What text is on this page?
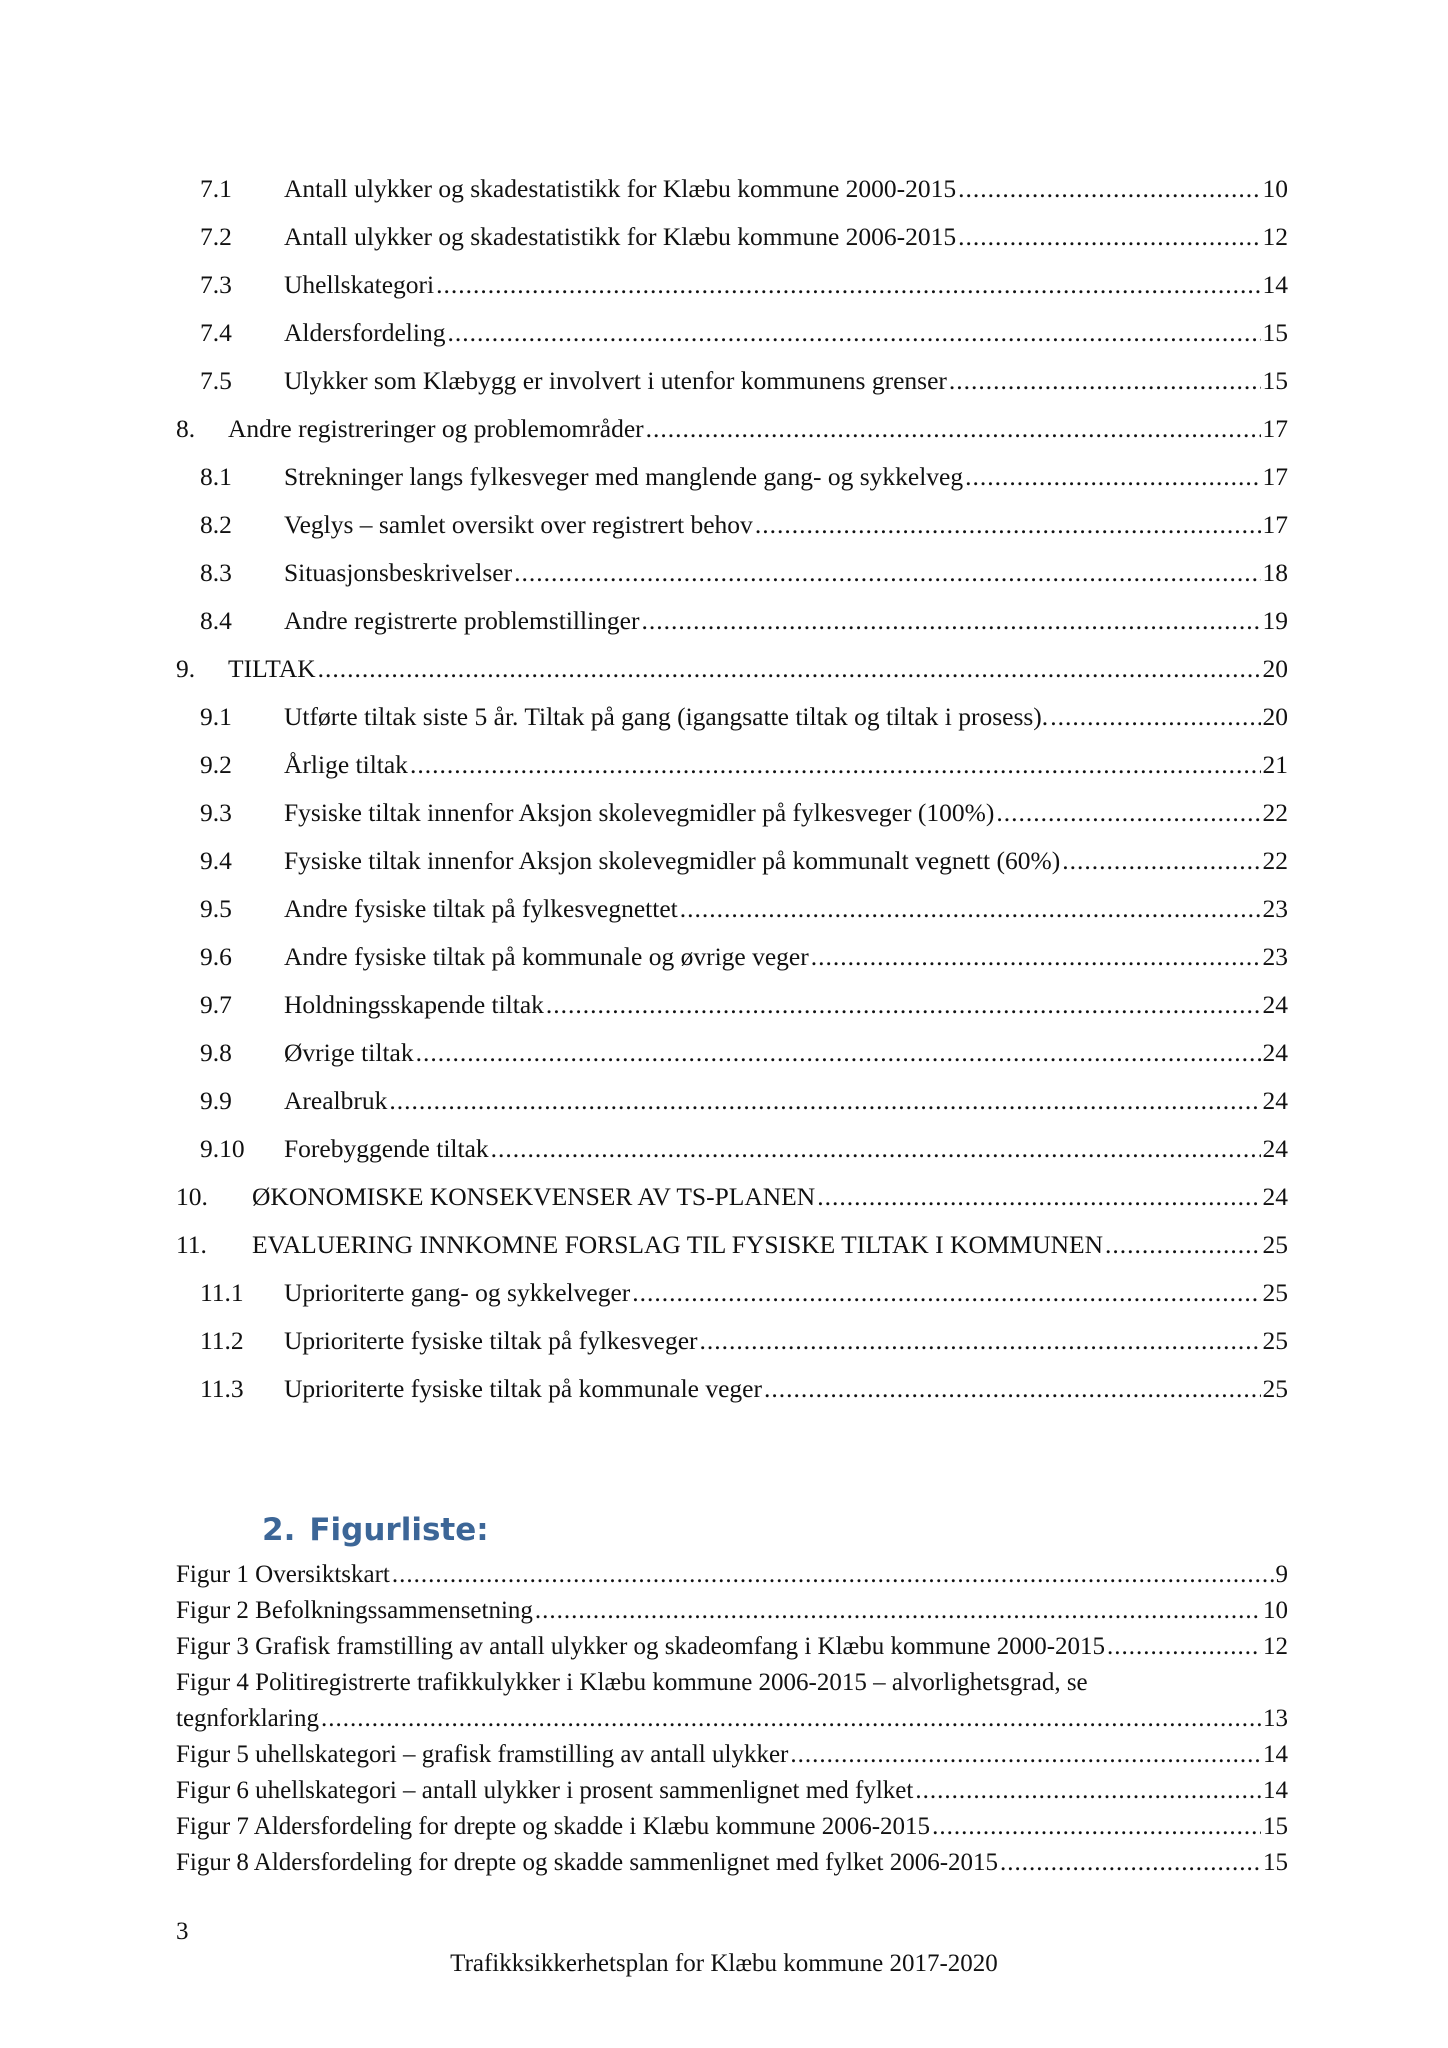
7.1	Antall ulykker og skadestatistikk for Klæbu kommune 2000-2015 .....	10
7.2	Antall ulykker og skadestatistikk for Klæbu kommune 2006-2015 .....	12
7.3	Uhellskategori .....	14
7.4	Aldersfordeling .....	15
7.5	Ulykker som Klæbygg er involvert i utenfor kommunens grenser .....	15
8.	Andre registreringer og problemområder .....	17
8.1	Strekninger langs fylkesveger med manglende gang- og sykkelveg .....	17
8.2	Veglys – samlet oversikt over registrert behov .....	17
8.3	Situasjonsbeskrivelser .....	18
8.4	Andre registrerte problemstillinger .....	19
9.	TILTAK .....	20
9.1	Utførte tiltak siste 5 år. Tiltak på gang (igangsatte tiltak og tiltak i prosess). .....	20
9.2	Årlige tiltak .....	21
9.3	Fysiske tiltak innenfor Aksjon skolevegmidler på fylkesveger (100%) .....	22
9.4	Fysiske tiltak innenfor Aksjon skolevegmidler på kommunalt vegnett (60%) .....	22
9.5	Andre fysiske tiltak på fylkesvegnettet .....	23
9.6	Andre fysiske tiltak på kommunale og øvrige veger .....	23
9.7	Holdningsskapende tiltak .....	24
9.8	Øvrige tiltak .....	24
9.9	Arealbruk .....	24
9.10	Forebyggende tiltak .....	24
10.	ØKONOMISKE KONSEKVENSER AV TS-PLANEN .....	24
11.	EVALUERING INNKOMNE FORSLAG TIL FYSISKE TILTAK I KOMMUNEN .....	25
11.1	Uprioriterte gang- og sykkelveger .....	25
11.2	Uprioriterte fysiske tiltak på fylkesveger .....	25
11.3	Uprioriterte fysiske tiltak på kommunale veger .....	25
2. Figurliste:
Figur 1 Oversiktskart .....	9
Figur 2 Befolkningssammensetning .....	10
Figur 3 Grafisk framstilling av antall ulykker og skadeomfang i Klæbu kommune 2000-2015 .....	12
Figur 4 Politiregistrerte trafikkulykker i Klæbu kommune 2006-2015 – alvorlighetsgrad, se
tegnforklaring .....	13
Figur 5 uhellskategori – grafisk framstilling av antall ulykker .....	14
Figur 6 uhellskategori – antall ulykker i prosent sammenlignet med fylket .....	14
Figur 7 Aldersfordeling for drepte og skadde i Klæbu kommune 2006-2015 .....	15
Figur 8 Aldersfordeling for drepte og skadde sammenlignet med fylket 2006-2015 .....	15
3
Trafikksikkerhetsplan for Klæbu kommune 2017-2020
